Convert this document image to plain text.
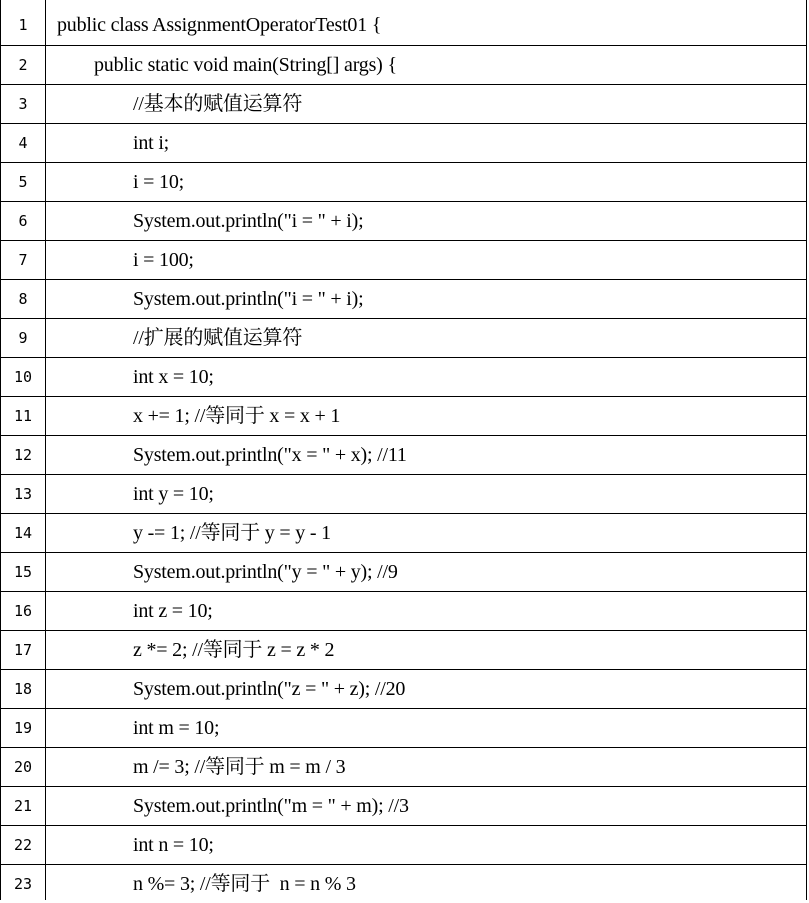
1	public class AssignmentOperatorTest01 {
2	public static void main(String[] args) {
3	//基本的赋值运算符
4	int i;
5	i = 10;
6	System.out.println("i = " + i);
7	i = 100;
8	System.out.println("i = " + i);
9	//扩展的赋值运算符
10	int x = 10;
11	x += 1; //等同于 x = x + 1
12	System.out.println("x = " + x); //11
13	int y = 10;
14	y -= 1; //等同于 y = y - 1
15	System.out.println("y = " + y); //9
16	int z = 10;
17	z *= 2; //等同于 z = z * 2
18	System.out.println("z = " + z); //20
19	int m = 10;
20	m /= 3; //等同于 m = m / 3
21	System.out.println("m = " + m); //3
22	int n = 10;
23	n %= 3; //等同于  n = n % 3
